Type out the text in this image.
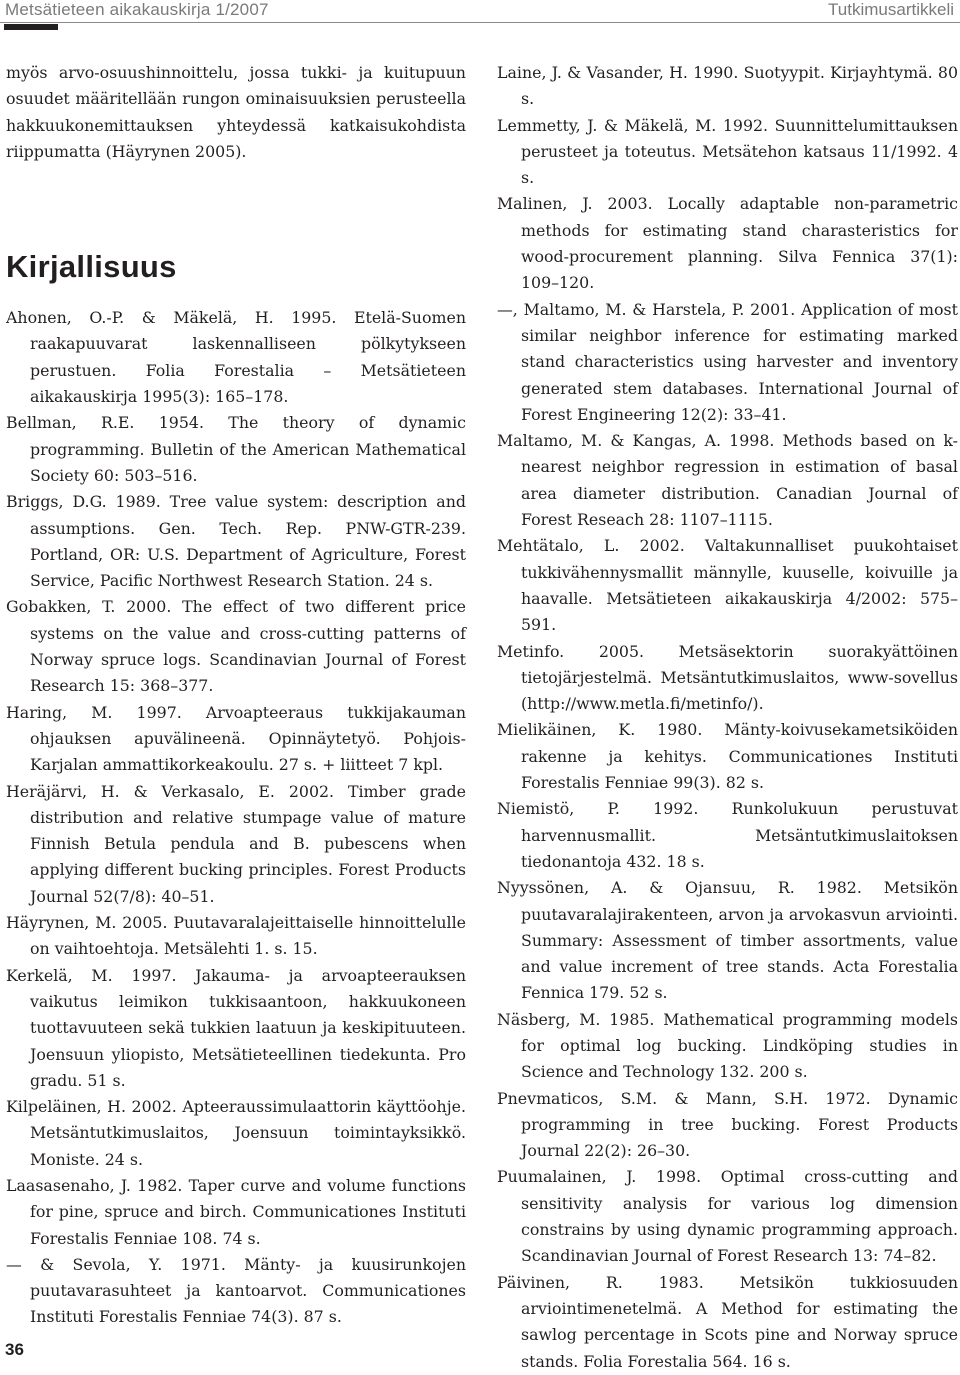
Metsätieteen aikakauskirja 1/2007	Tutkimusartikkeli

myös arvo-osuushinnoittelu, jossa tukki- ja kuitupuun osuudet määritellään rungon ominaisuuksien perusteella hakkuukonemittauksen yhteydessä katkaisukohdista riippumatta (Häyrynen 2005).

Kirjallisuus

Ahonen, O.-P. & Mäkelä, H. 1995. Etelä-Suomen raakapuuvarat laskennalliseen pölkytykseen perustuen. Folia Forestalia – Metsätieteen aikakauskirja 1995(3): 165–178.

Bellman, R.E. 1954. The theory of dynamic programming. Bulletin of the American Mathematical Society 60: 503–516.

Briggs, D.G. 1989. Tree value system: description and assumptions. Gen. Tech. Rep. PNW-GTR-239. Portland, OR: U.S. Department of Agriculture, Forest Service, Pacific Northwest Research Station. 24 s.

Gobakken, T. 2000. The effect of two different price systems on the value and cross-cutting patterns of Norway spruce logs. Scandinavian Journal of Forest Research 15: 368–377.

Haring, M. 1997. Arvoapteeraus tukkijakauman ohjauksen apuvälineenä. Opinnäytetyö. Pohjois-Karjalan ammattikorkeakoulu. 27 s. + liitteet 7 kpl.

Heräjärvi, H. & Verkasalo, E. 2002. Timber grade distribution and relative stumpage value of mature Finnish Betula pendula and B. pubescens when applying different bucking principles. Forest Products Journal 52(7/8): 40–51.

Häyrynen, M. 2005. Puutavaralajeittaiselle hinnoittelulle on vaihtoehtoja. Metsälehti 1. s. 15.

Kerkelä, M. 1997. Jakauma- ja arvoapteerauksen vaikutus leimikon tukkisaantoon, hakkuukoneen tuottavuuteen sekä tukkien laatuun ja keskipituuteen. Joensuun yliopisto, Metsätieteellinen tiedekunta. Pro gradu. 51 s.

Kilpeläinen, H. 2002. Apteeraussimulaattorin käyttöohje. Metsäntutkimuslaitos, Joensuun toimintayksikkö. Moniste. 24 s.

Laasasenaho, J. 1982. Taper curve and volume functions for pine, spruce and birch. Communicationes Instituti Forestalis Fenniae 108. 74 s.

— & Sevola, Y. 1971. Mänty- ja kuusirunkojen puutavarasuhteet ja kantoarvot. Communicationes Instituti Forestalis Fenniae 74(3). 87 s.

Laine, J. & Vasander, H. 1990. Suotyypit. Kirjayhtymä. 80 s.

Lemmetty, J. & Mäkelä, M. 1992. Suunnittelumittauksen perusteet ja toteutus. Metsätehon katsaus 11/1992. 4 s.

Malinen, J. 2003. Locally adaptable non-parametric methods for estimating stand charasteristics for wood-procurement planning. Silva Fennica 37(1): 109–120.

—, Maltamo, M. & Harstela, P. 2001. Application of most similar neighbor inference for estimating marked stand characteristics using harvester and inventory generated stem databases. International Journal of Forest Engineering 12(2): 33–41.

Maltamo, M. & Kangas, A. 1998. Methods based on k-nearest neighbor regression in estimation of basal area diameter distribution. Canadian Journal of Forest Reseach 28: 1107–1115.

Mehtätalo, L. 2002. Valtakunnalliset puukohtaiset tukkivähennysmallit männylle, kuuselle, koivuille ja haavalle. Metsätieteen aikakauskirja 4/2002: 575–591.

Metinfo. 2005. Metsäsektorin suorakyättöinen tietojärjestelmä. Metsäntutkimuslaitos, www-sovellus (http://www.metla.fi/metinfo/).

Mielikäinen, K. 1980. Mänty-koivusekametsiköiden rakenne ja kehitys. Communicationes Instituti Forestalis Fenniae 99(3). 82 s.

Niemistö, P. 1992. Runkolukuun perustuvat harvennusmallit. Metsäntutkimuslaitoksen tiedonantoja 432. 18 s.

Nyyssönen, A. & Ojansuu, R. 1982. Metsikön puutavaralajirakenteen, arvon ja arvokasvun arviointi. Summary: Assessment of timber assortments, value and value increment of tree stands. Acta Forestalia Fennica 179. 52 s.

Näsberg, M. 1985. Mathematical programming models for optimal log bucking. Lindköping studies in Science and Technology 132. 200 s.

Pnevmaticos, S.M. & Mann, S.H. 1972. Dynamic programming in tree bucking. Forest Products Journal 22(2): 26–30.

Puumalainen, J. 1998. Optimal cross-cutting and sensitivity analysis for various log dimension constrains by using dynamic programming approach. Scandinavian Journal of Forest Research 13: 74–82.

Päivinen, R. 1983. Metsikön tukkiosuuden arviointimenetelmä. A Method for estimating the sawlog percentage in Scots pine and Norway spruce stands. Folia Forestalia 564. 16 s.

36
